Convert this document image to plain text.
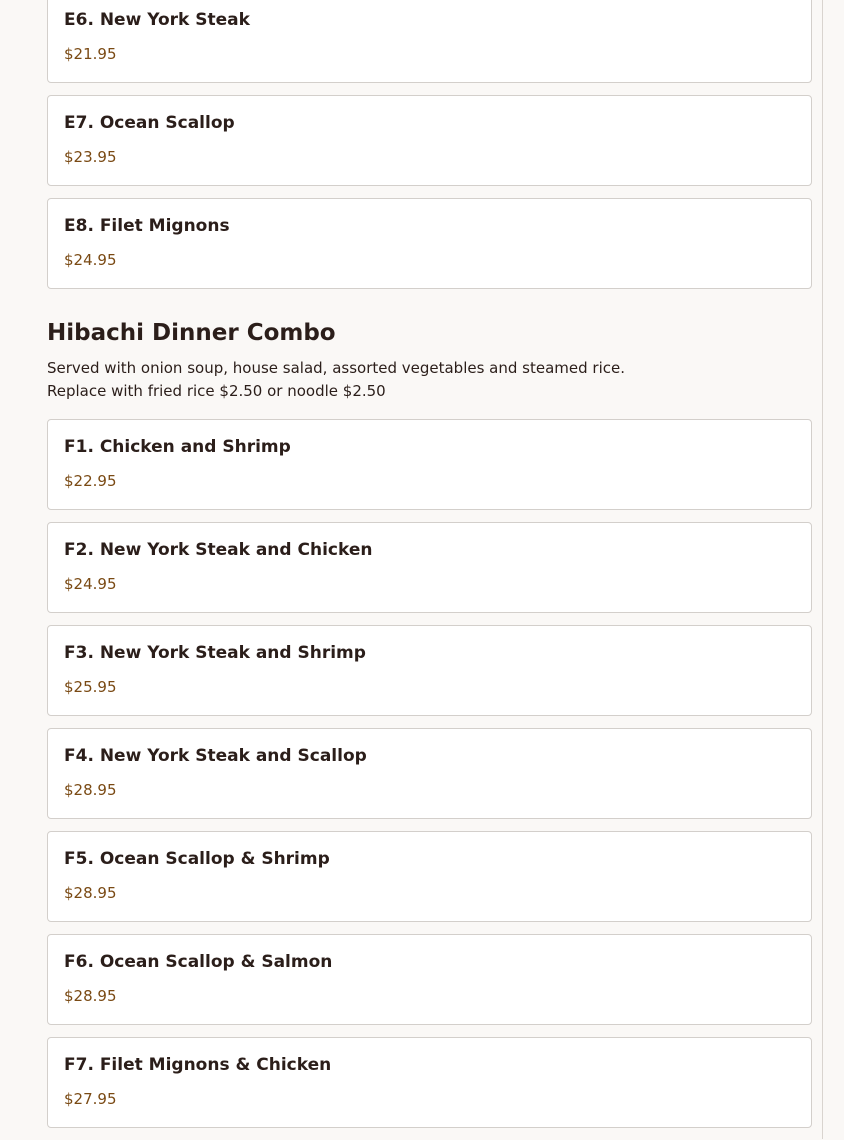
E6. New York Steak
$21.95
E7. Ocean Scallop
$23.95
E8. Filet Mignons
$24.95
Hibachi Dinner Combo
Served with onion soup, house salad, assorted vegetables and steamed rice.
Replace with fried rice $2.50 or noodle $2.50
F1. Chicken and Shrimp
$22.95
F2. New York Steak and Chicken
$24.95
F3. New York Steak and Shrimp
$25.95
F4. New York Steak and Scallop
$28.95
F5. Ocean Scallop & Shrimp
$28.95
F6. Ocean Scallop & Salmon
$28.95
F7. Filet Mignons & Chicken
$27.95
